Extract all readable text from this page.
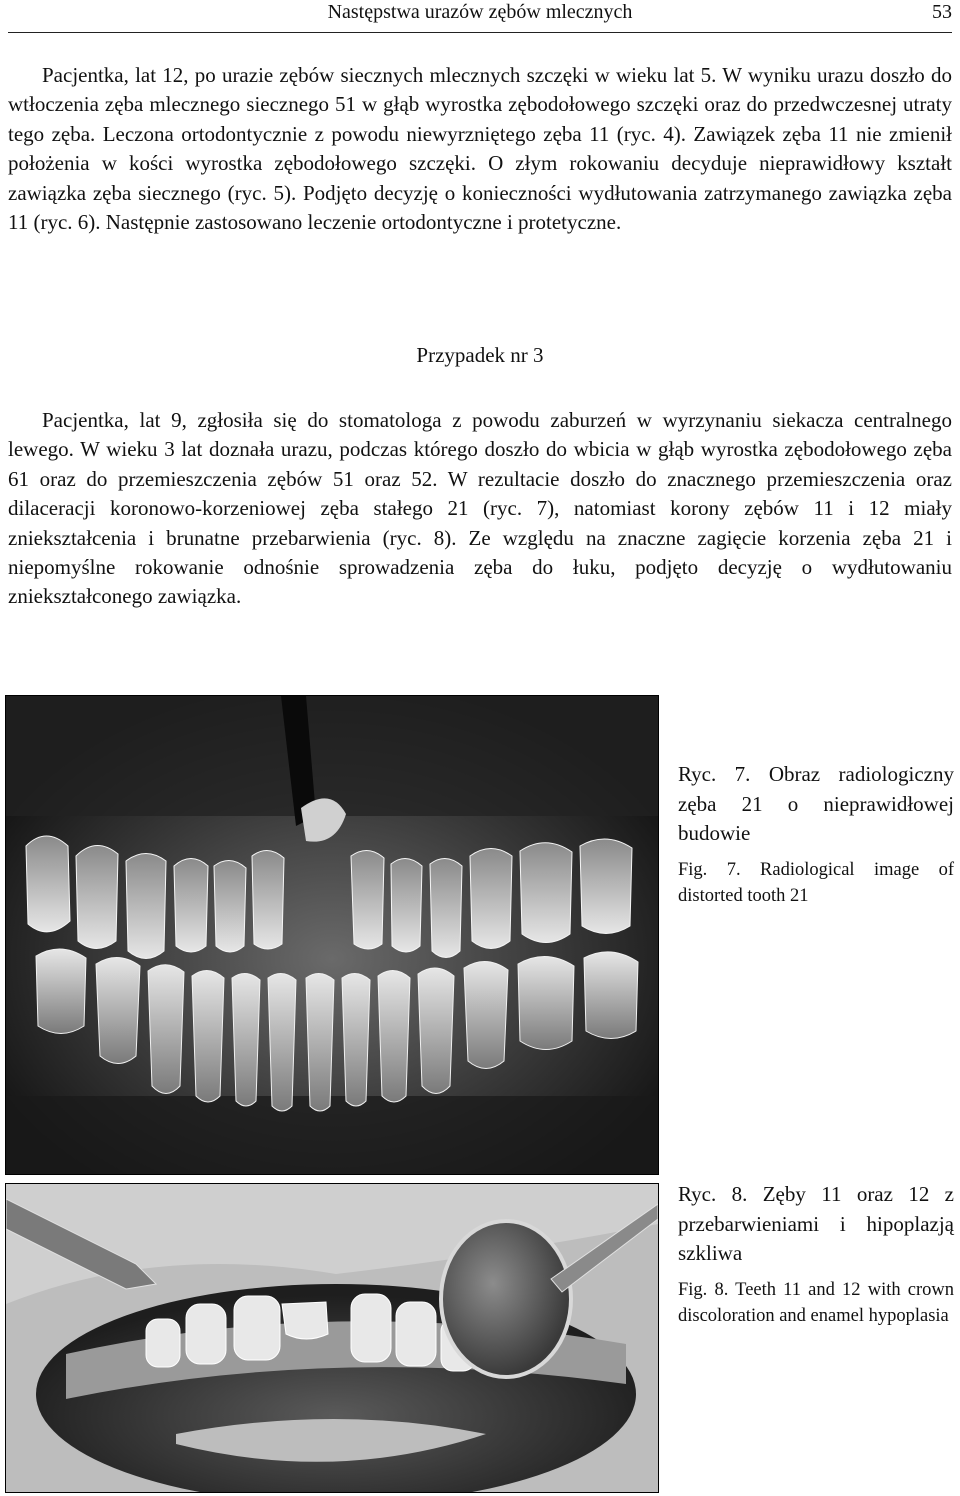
Następstwa urazów zębów mlecznych	53

Pacjentka, lat 12, po urazie zębów siecznych mlecznych szczęki w wieku lat 5. W wyniku urazu doszło do wtłoczenia zęba mlecznego siecznego 51 w głąb wyrostka zębodołowego szczęki oraz do przedwczesnej utraty tego zęba. Leczona ortodontycznie z powodu niewyrzniętego zęba 11 (ryc. 4). Zawiązek zęba 11 nie zmienił położenia w kości wyrostka zębodołowego szczęki. O złym rokowaniu decyduje nieprawidłowy kształt zawiązka zęba siecznego (ryc. 5). Podjęto decyzję o konieczności wydłutowania zatrzymanego zawiązka zęba 11 (ryc. 6). Następnie zastosowano leczenie ortodontyczne i protetyczne.

Przypadek nr 3

Pacjentka, lat 9, zgłosiła się do stomatologa z powodu zaburzeń w wyrzynaniu siekacza centralnego lewego. W wieku 3 lat doznała urazu, podczas którego doszło do wbicia w głąb wyrostka zębodołowego zęba 61 oraz do przemieszczenia zębów 51 oraz 52. W rezultacie doszło do znacznego przemieszczenia oraz dilaceracji koronowo-korzeniowej zęba stałego 21 (ryc. 7), natomiast korony zębów 11 i 12 miały zniekształcenia i brunatne przebarwienia (ryc. 8). Ze względu na znaczne zagięcie korzenia zęba 21 i niepomyślne rokowanie odnośnie sprowadzenia zęba do łuku, podjęto decyzję o wydłutowaniu zniekształconego zawiązka.

Ryc. 7. Obraz radiologiczny zęba 21 o nieprawidłowej budowie

Fig. 7. Radiological image of distorted tooth 21

Ryc. 8. Zęby 11 oraz 12 z przebarwieniami i hipoplazją szkliwa

Fig. 8. Teeth 11 and 12 with crown discoloration and enamel hypoplasia
